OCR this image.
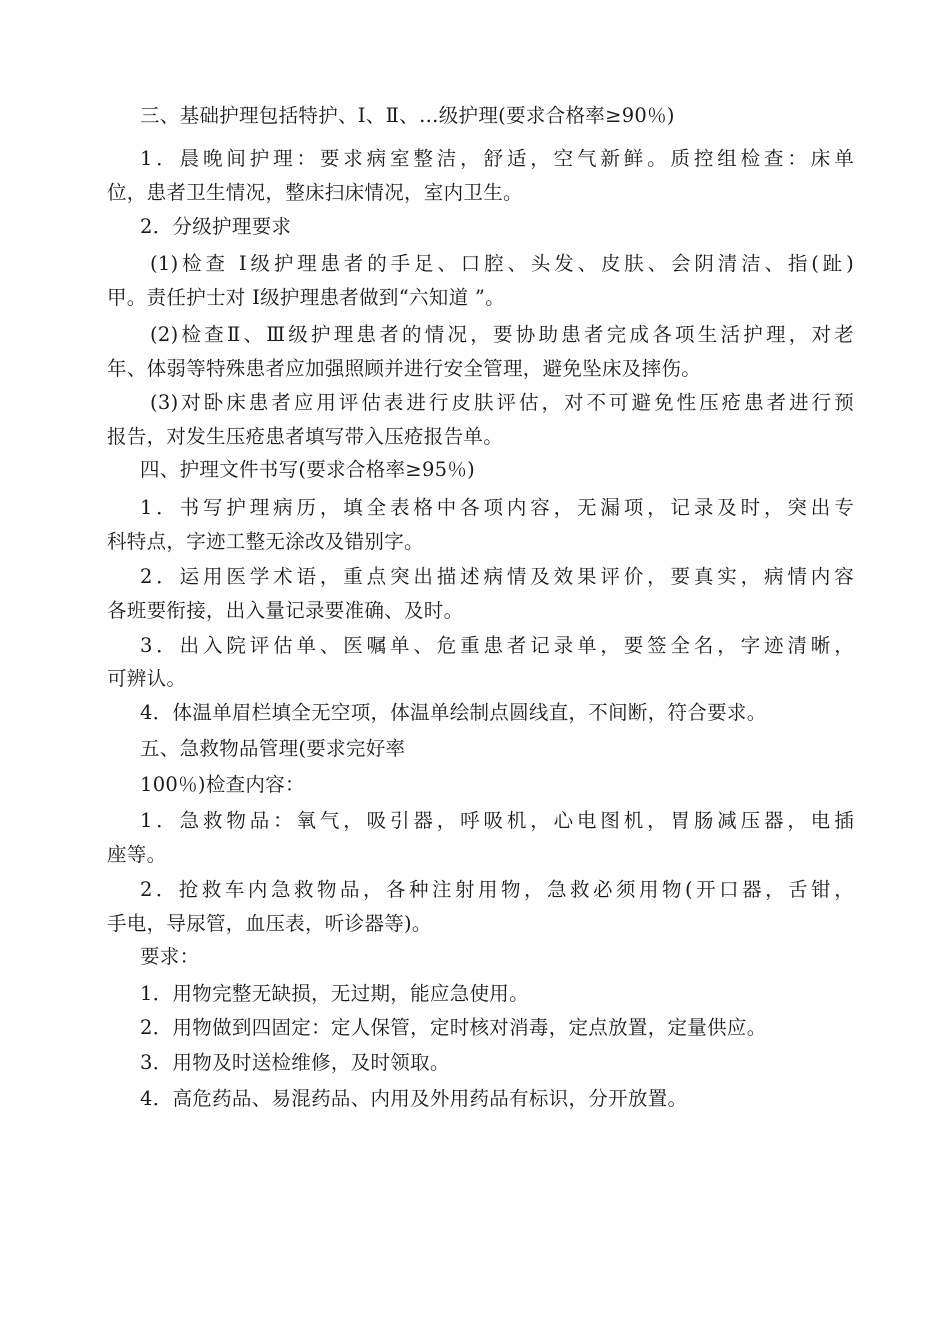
三、基础护理包括特护、Ⅰ、Ⅱ、…级护理(要求合格率≥90％)
1．晨晚间护理：要求病室整洁，舒适，空气新鲜。质控组检查：床单
位，患者卫生情况，整床扫床情况，室内卫生。
2．分级护理要求
(1)检查 Ⅰ级护理患者的手足、口腔、头发、皮肤、会阴清洁、指(趾)
甲。责任护士对 Ⅰ级护理患者做到“六知道 ”。
(2)检查Ⅱ、Ⅲ级护理患者的情况，要协助患者完成各项生活护理，对老
年、体弱等特殊患者应加强照顾并进行安全管理，避免坠床及摔伤。
(3)对卧床患者应用评估表进行皮肤评估，对不可避免性压疮患者进行预
报告，对发生压疮患者填写带入压疮报告单。
四、护理文件书写(要求合格率≥95％)
1．书写护理病历，填全表格中各项内容，无漏项，记录及时，突出专
科特点，字迹工整无涂改及错别字。
2．运用医学术语，重点突出描述病情及效果评价，要真实，病情内容
各班要衔接，出入量记录要准确、及时。
3．出入院评估单、医嘱单、危重患者记录单，要签全名，字迹清晰，
可辨认。
4．体温单眉栏填全无空项，体温单绘制点圆线直，不间断，符合要求。
五、急救物品管理(要求完好率
100％)检查内容：
1．急救物品：氧气，吸引器，呼吸机，心电图机，胃肠减压器，电插
座等。
2．抢救车内急救物品，各种注射用物，急救必须用物(开口器，舌钳，
手电，导尿管，血压表，听诊器等)。
要求：
1．用物完整无缺损，无过期，能应急使用。
2．用物做到四固定：定人保管，定时核对消毒，定点放置，定量供应。
3．用物及时送检维修，及时领取。
4．高危药品、易混药品、内用及外用药品有标识，分开放置。
